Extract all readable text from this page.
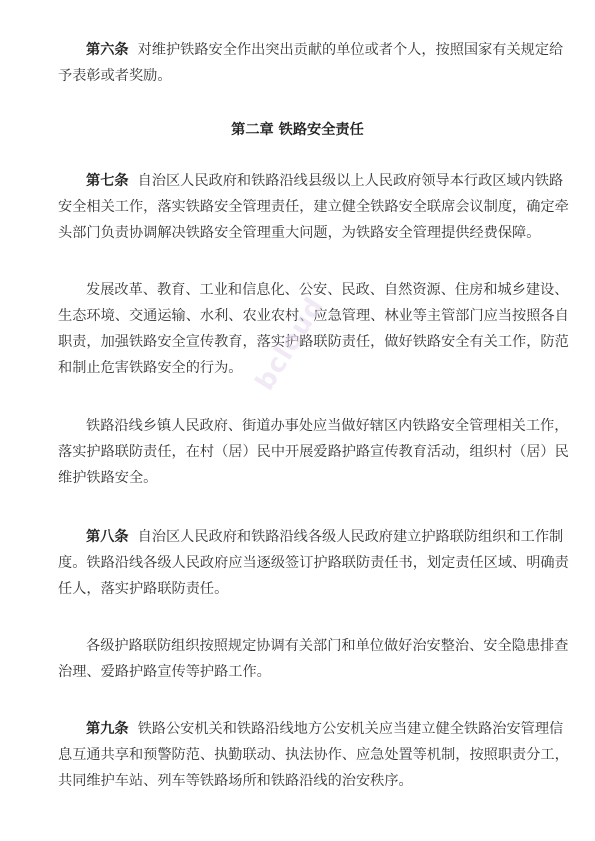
第六条 对维护铁路安全作出突出贡献的单位或者个人，按照国家有关规定给予表彰或者奖励。

第二章 铁路安全责任

第七条 自治区人民政府和铁路沿线县级以上人民政府领导本行政区域内铁路安全相关工作，落实铁路安全管理责任，建立健全铁路安全联席会议制度，确定牵头部门负责协调解决铁路安全管理重大问题，为铁路安全管理提供经费保障。

发展改革、教育、工业和信息化、公安、民政、自然资源、住房和城乡建设、生态环境、交通运输、水利、农业农村、应急管理、林业等主管部门应当按照各自职责，加强铁路安全宣传教育，落实护路联防责任，做好铁路安全有关工作，防范和制止危害铁路安全的行为。

铁路沿线乡镇人民政府、街道办事处应当做好辖区内铁路安全管理相关工作，落实护路联防责任，在村（居）民中开展爱路护路宣传教育活动，组织村（居）民维护铁路安全。

第八条 自治区人民政府和铁路沿线各级人民政府建立护路联防组织和工作制度。铁路沿线各级人民政府应当逐级签订护路联防责任书，划定责任区域、明确责任人，落实护路联防责任。

各级护路联防组织按照规定协调有关部门和单位做好治安整治、安全隐患排查治理、爱路护路宣传等护路工作。

第九条 铁路公安机关和铁路沿线地方公安机关应当建立健全铁路治安管理信息互通共享和预警防范、执勤联动、执法协作、应急处置等机制，按照职责分工，共同维护车站、列车等铁路场所和铁路沿线的治安秩序。

bcloud
